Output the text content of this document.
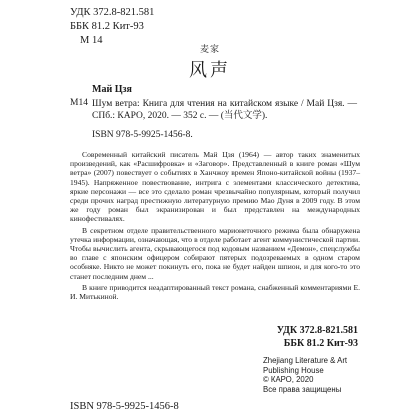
УДК 372.8-821.581
ББК 81.2 Кит-93
М 14
麦家
风声
Май Цзя
М14 Шум ветра: Книга для чтения на китайском языке / Май Цзя. — СПб.: КАРО, 2020. — 352 с. — (当代文学).
ISBN 978-5-9925-1456-8.

Современный китайский писатель Май Цзя (1964) — автор таких знаменитых произведений, как «Расшифровка» и «Заговор». Представленный в книге роман «Шум ветра» (2007) повествует о событиях в Ханчжоу времен Японо-китайской войны (1937–1945). Напряженное повествование, интрига с элементами классического детектива, яркие персонажи — все это сделало роман чрезвычайно популярным, который получил среди прочих наград престижную литературную премию Мао Дуня в 2009 году. В этом же году роман был экранизирован и был представлен на международных кинофестивалях.

В секретном отделе правительственного марионеточного режима была обнаружена утечка информации, означающая, что в отделе работает агент коммунистической партии. Чтобы вычислить агента, скрывающегося под кодовым названием «Демон», спецслужбы во главе с японским офицером собирают пятерых подозреваемых в одном старом особняке. Никто не может покинуть его, пока не будет найден шпион, и для кого-то это станет последним днем ...

В книге приводится неадаптированный текст романа, снабженный комментариями Е. И. Митькиной.

УДК 372.8-821.581
ББК 81.2 Кит-93
Zhejiang Literature & Art
Publishing House
© КАРО, 2020
Все права защищены
ISBN 978-5-9925-1456-8
